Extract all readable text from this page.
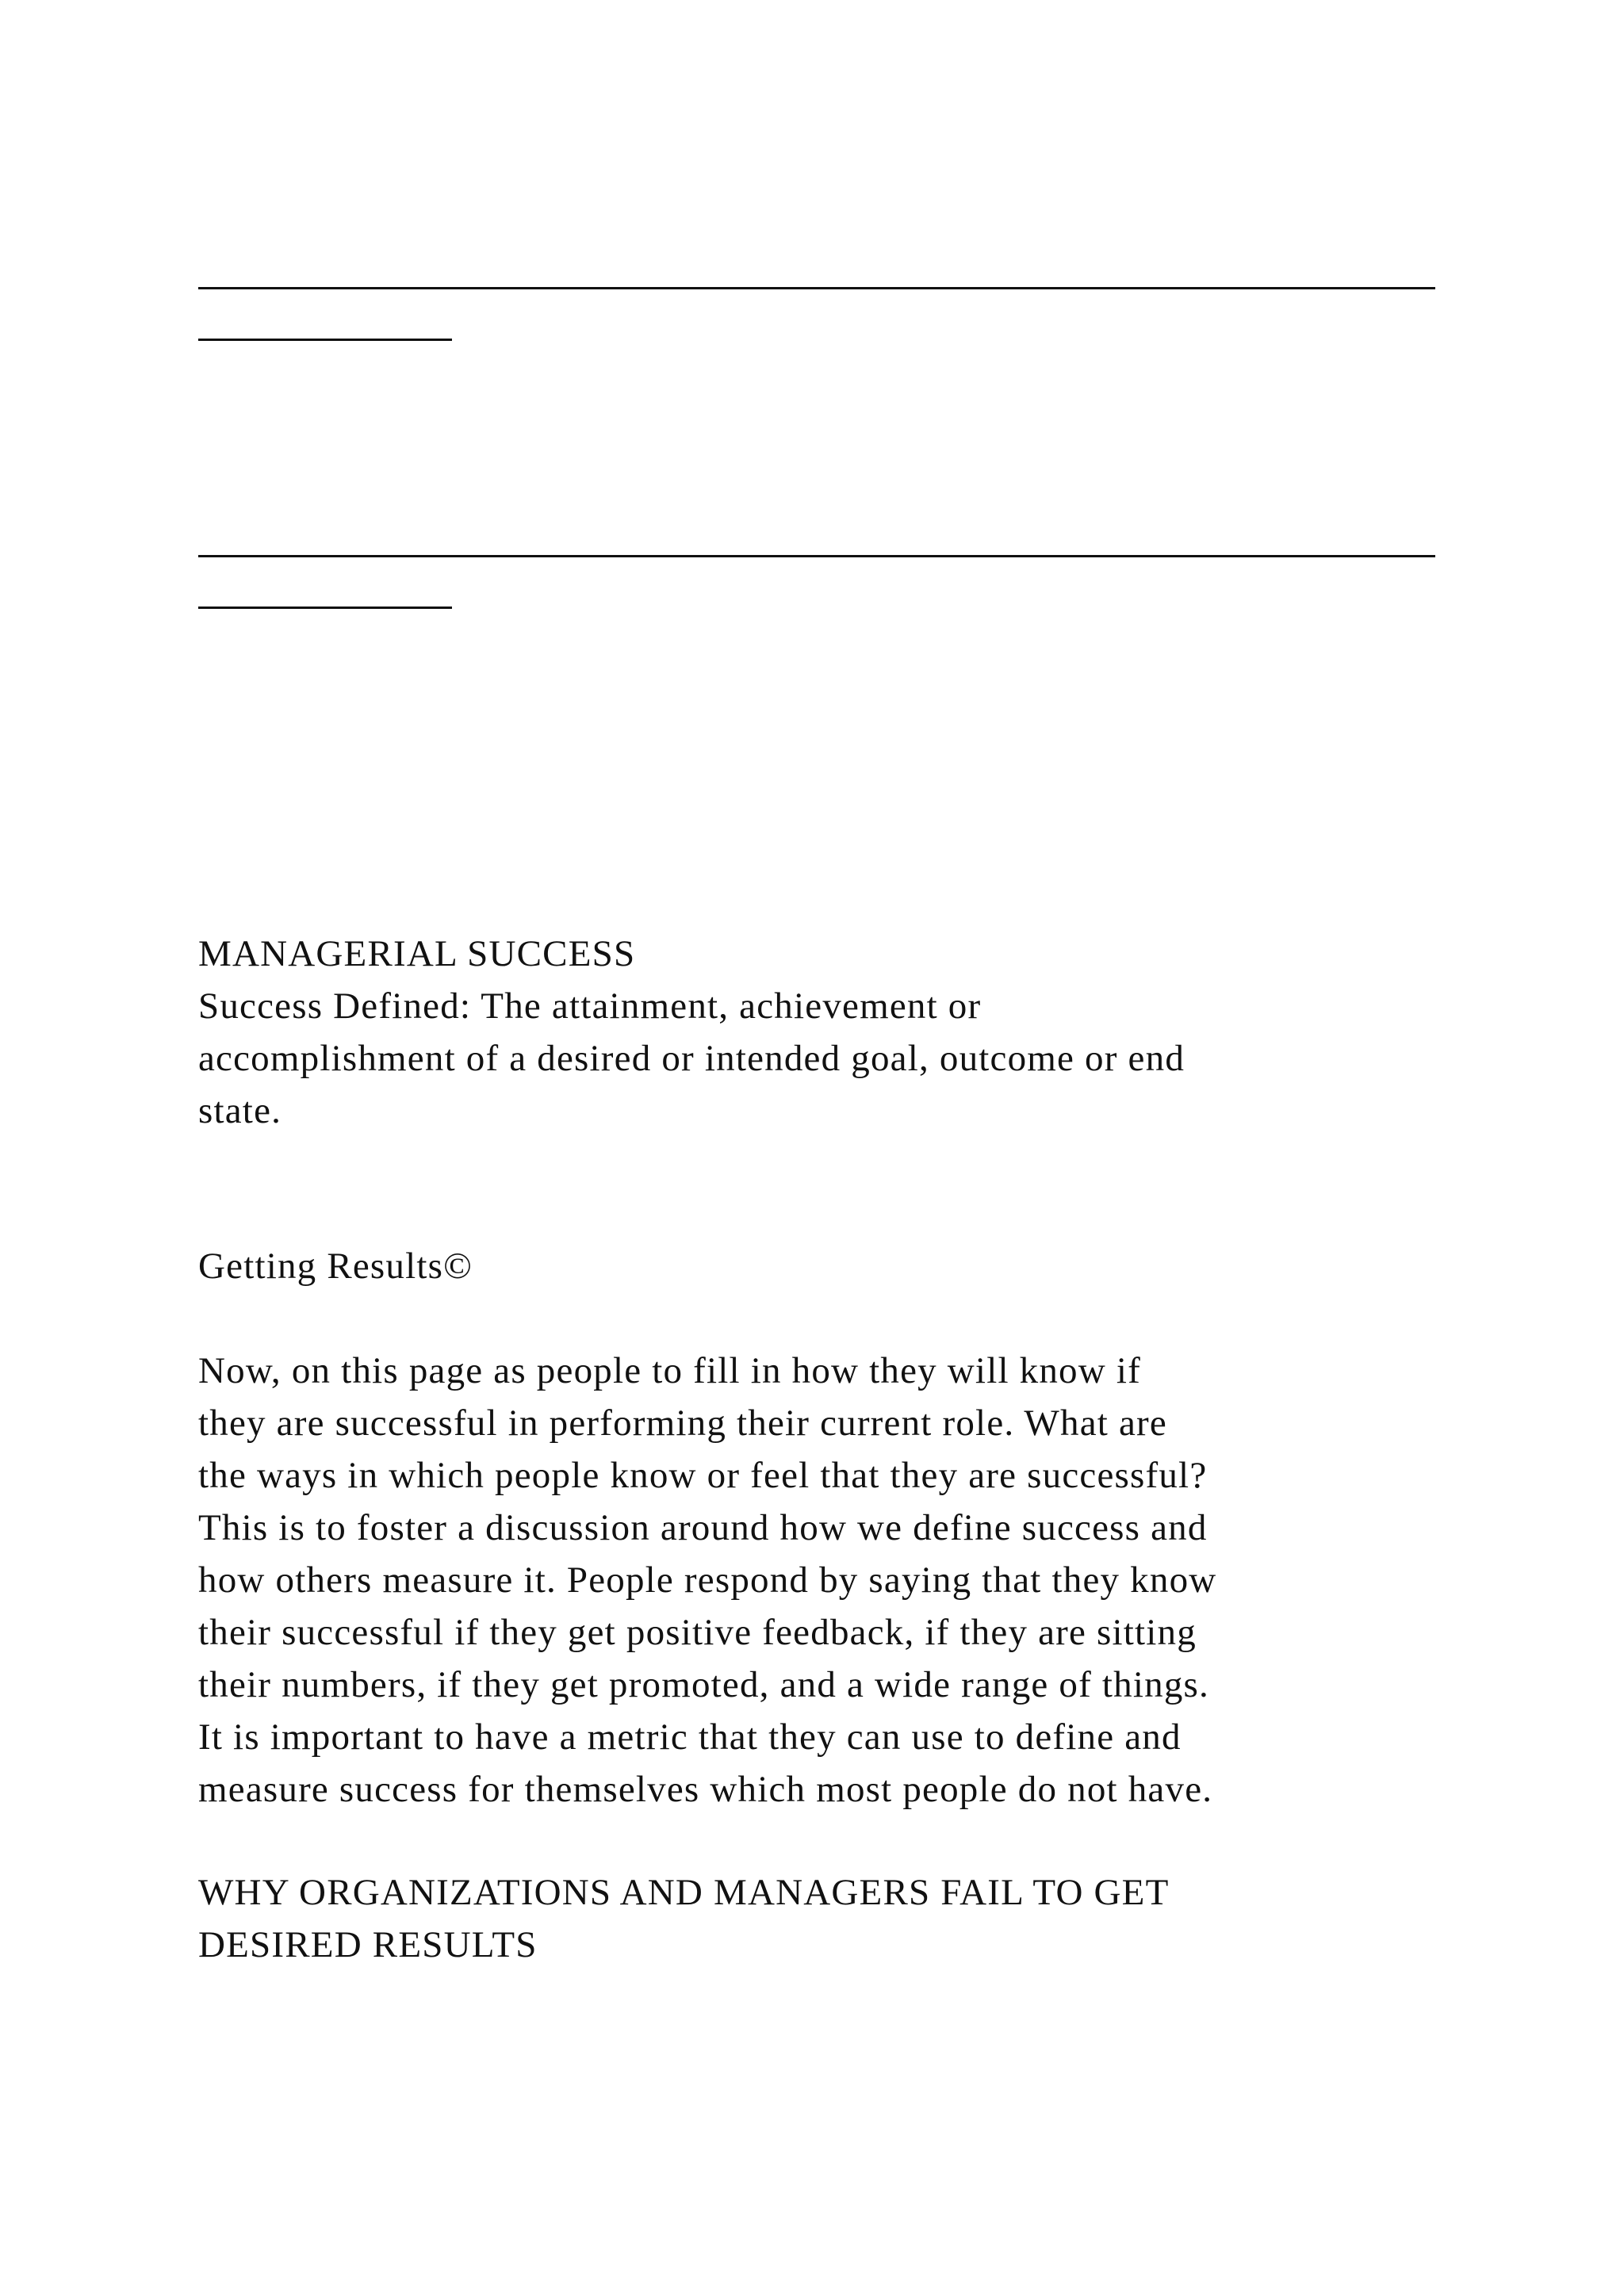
MANAGERIAL SUCCESS
Success Defined: The attainment, achievement or
accomplishment of a desired or intended goal, outcome or end
state.
Getting Results©
Now, on this page as people to fill in how they will know if
they are successful in performing their current role. What are
the ways in which people know or feel that they are successful?
This is to foster a discussion around how we define success and
how others measure it. People respond by saying that they know
their successful if they get positive feedback, if they are sitting
their numbers, if they get promoted, and a wide range of things.
It is important to have a metric that they can use to define and
measure success for themselves which most people do not have.
WHY ORGANIZATIONS AND MANAGERS FAIL TO GET
DESIRED RESULTS
